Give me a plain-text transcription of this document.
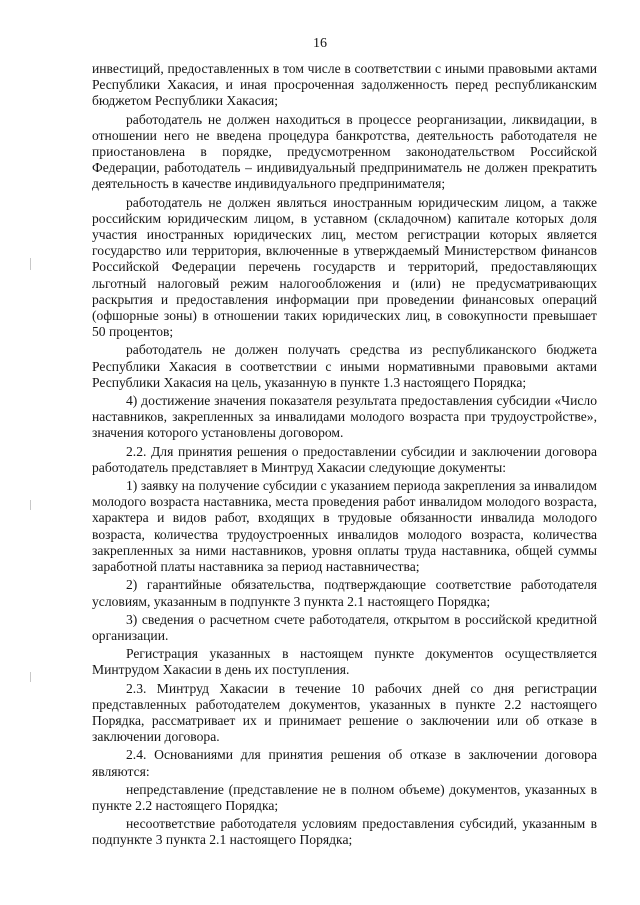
16

инвестиций, предоставленных в том числе в соответствии с иными правовыми актами Республики Хакасия, и иная просроченная задолженность перед республиканским бюджетом Республики Хакасия;

работодатель не должен находиться в процессе реорганизации, ликвидации, в отношении него не введена процедура банкротства, деятельность работодателя не приостановлена в порядке, предусмотренном законодательством Российской Федерации, работодатель – индивидуальный предприниматель не должен прекратить деятельность в качестве индивидуального предпринимателя;

работодатель не должен являться иностранным юридическим лицом, а также российским юридическим лицом, в уставном (складочном) капитале которых доля участия иностранных юридических лиц, местом регистрации которых является государство или территория, включенные в утверждаемый Министерством финансов Российской Федерации перечень государств и территорий, предоставляющих льготный налоговый режим налогообложения и (или) не предусматривающих раскрытия и предоставления информации при проведении финансовых операций (офшорные зоны) в отношении таких юридических лиц, в совокупности превышает 50 процентов;

работодатель не должен получать средства из республиканского бюджета Республики Хакасия в соответствии с иными нормативными правовыми актами Республики Хакасия на цель, указанную в пункте 1.3 настоящего Порядка;

4) достижение значения показателя результата предоставления субсидии «Число наставников, закрепленных за инвалидами молодого возраста при трудоустройстве», значения которого установлены договором.

2.2. Для принятия решения о предоставлении субсидии и заключении договора работодатель представляет в Минтруд Хакасии следующие документы:

1) заявку на получение субсидии с указанием периода закрепления за инвалидом молодого возраста наставника, места проведения работ инвалидом молодого возраста, характера и видов работ, входящих в трудовые обязанности инвалида молодого возраста, количества трудоустроенных инвалидов молодого возраста, количества закрепленных за ними наставников, уровня оплаты труда наставника, общей суммы заработной платы наставника за период наставничества;

2) гарантийные обязательства, подтверждающие соответствие работодателя условиям, указанным в подпункте 3 пункта 2.1 настоящего Порядка;

3) сведения о расчетном счете работодателя, открытом в российской кредитной организации.

Регистрация указанных в настоящем пункте документов осуществляется Минтрудом Хакасии в день их поступления.

2.3. Минтруд Хакасии в течение 10 рабочих дней со дня регистрации представленных работодателем документов, указанных в пункте 2.2 настоящего Порядка, рассматривает их и принимает решение о заключении или об отказе в заключении договора.

2.4. Основаниями для принятия решения об отказе в заключении договора являются:

непредставление (представление не в полном объеме) документов, указанных в пункте 2.2 настоящего Порядка;

несоответствие работодателя условиям предоставления субсидий, указанным в подпункте 3 пункта 2.1 настоящего Порядка;
